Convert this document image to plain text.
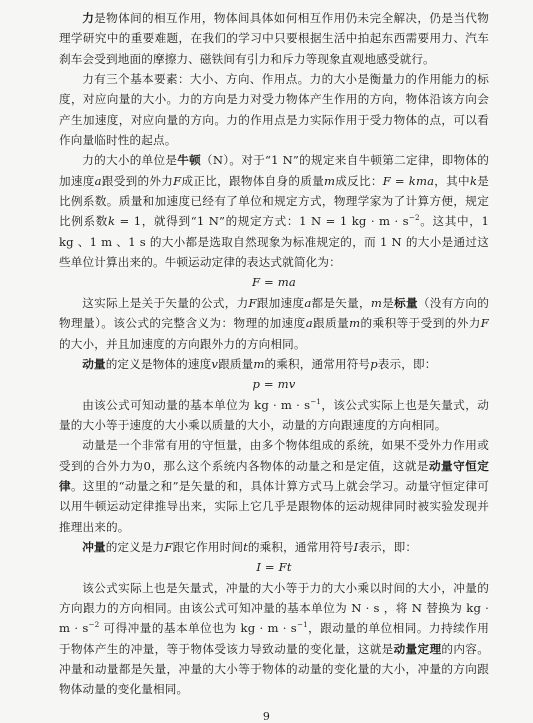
力是物体间的相互作用，物体间具体如何相互作用仍未完全解决，仍是当代物理学研究中的重要难题，在我们的学习中只要根据生活中拍起东西需要用力、汽车刹车会受到地面的摩擦力、磁铁间有引力和斥力等现象直观地感受就行。

力有三个基本要素：大小、方向、作用点。力的大小是衡量力的作用能力的标度，对应向量的大小。力的方向是力对受力物体产生作用的方向，物体沿该方向会产生加速度，对应向量的方向。力的作用点是力实际作用于受力物体的点，可以看作向量临时性的起点。

力的大小的单位是牛顿（N）。对于“1 N”的规定来自牛顿第二定律，即物体的加速度a跟受到的外力F成正比，跟物体自身的质量m成反比：F = kma，其中k是比例系数。质量和加速度已经有了单位和规定方式，物理学家为了计算方便，规定比例系数k = 1，就得到“1 N”的规定方式：1 N = 1 kg · $m \cdot s^{-2}$。这其中，1 kg 、1 m 、1 s 的大小都是选取自然现象为标准规定的，而 1 N 的大小是通过这些单位计算出来的。牛顿运动定律的表达式就简化为：

F = ma

这实际上是关于矢量的公式，力F跟加速度a都是矢量，m是标量（没有方向的物理量）。该公式的完整含义为：物理的加速度a跟质量m的乘积等于受到的外力F的大小，并且加速度的方向跟外力的方向相同。

动量的定义是物体的速度v跟质量m的乘积，通常用符号p表示，即：

p = mv

由该公式可知动量的基本单位为 kg · $m \cdot s^{-1}$，该公式实际上也是矢量式，动量的大小等于速度的大小乘以质量的大小，动量的方向跟速度的方向相同。

动量是一个非常有用的守恒量，由多个物体组成的系统，如果不受外力作用或受到的合外力为0，那么这个系统内各物体的动量之和是定值，这就是动量守恒定律。这里的“动量之和”是矢量的和，具体计算方式马上就会学习。动量守恒定律可以用牛顿运动定律推导出来，实际上它几乎是跟物体的运动规律同时被实验发现并推理出来的。

冲量的定义是力F跟它作用时间t的乘积，通常用符号I表示，即：

I = Ft

该公式实际上也是矢量式，冲量的大小等于力的大小乘以时间的大小，冲量的方向跟力的方向相同。由该公式可知冲量的基本单位为 N · s ，将 N 替换为 kg · $m \cdot s^{-2}$ 可得冲量的基本单位也为 kg · $m \cdot s^{-1}$，跟动量的单位相同。力持续作用于物体产生的冲量，等于物体受该力导致动量的变化量，这就是动量定理的内容。冲量和动量都是矢量，冲量的大小等于物体的动量的变化量的大小，冲量的方向跟物体动量的变化量相同。

9
